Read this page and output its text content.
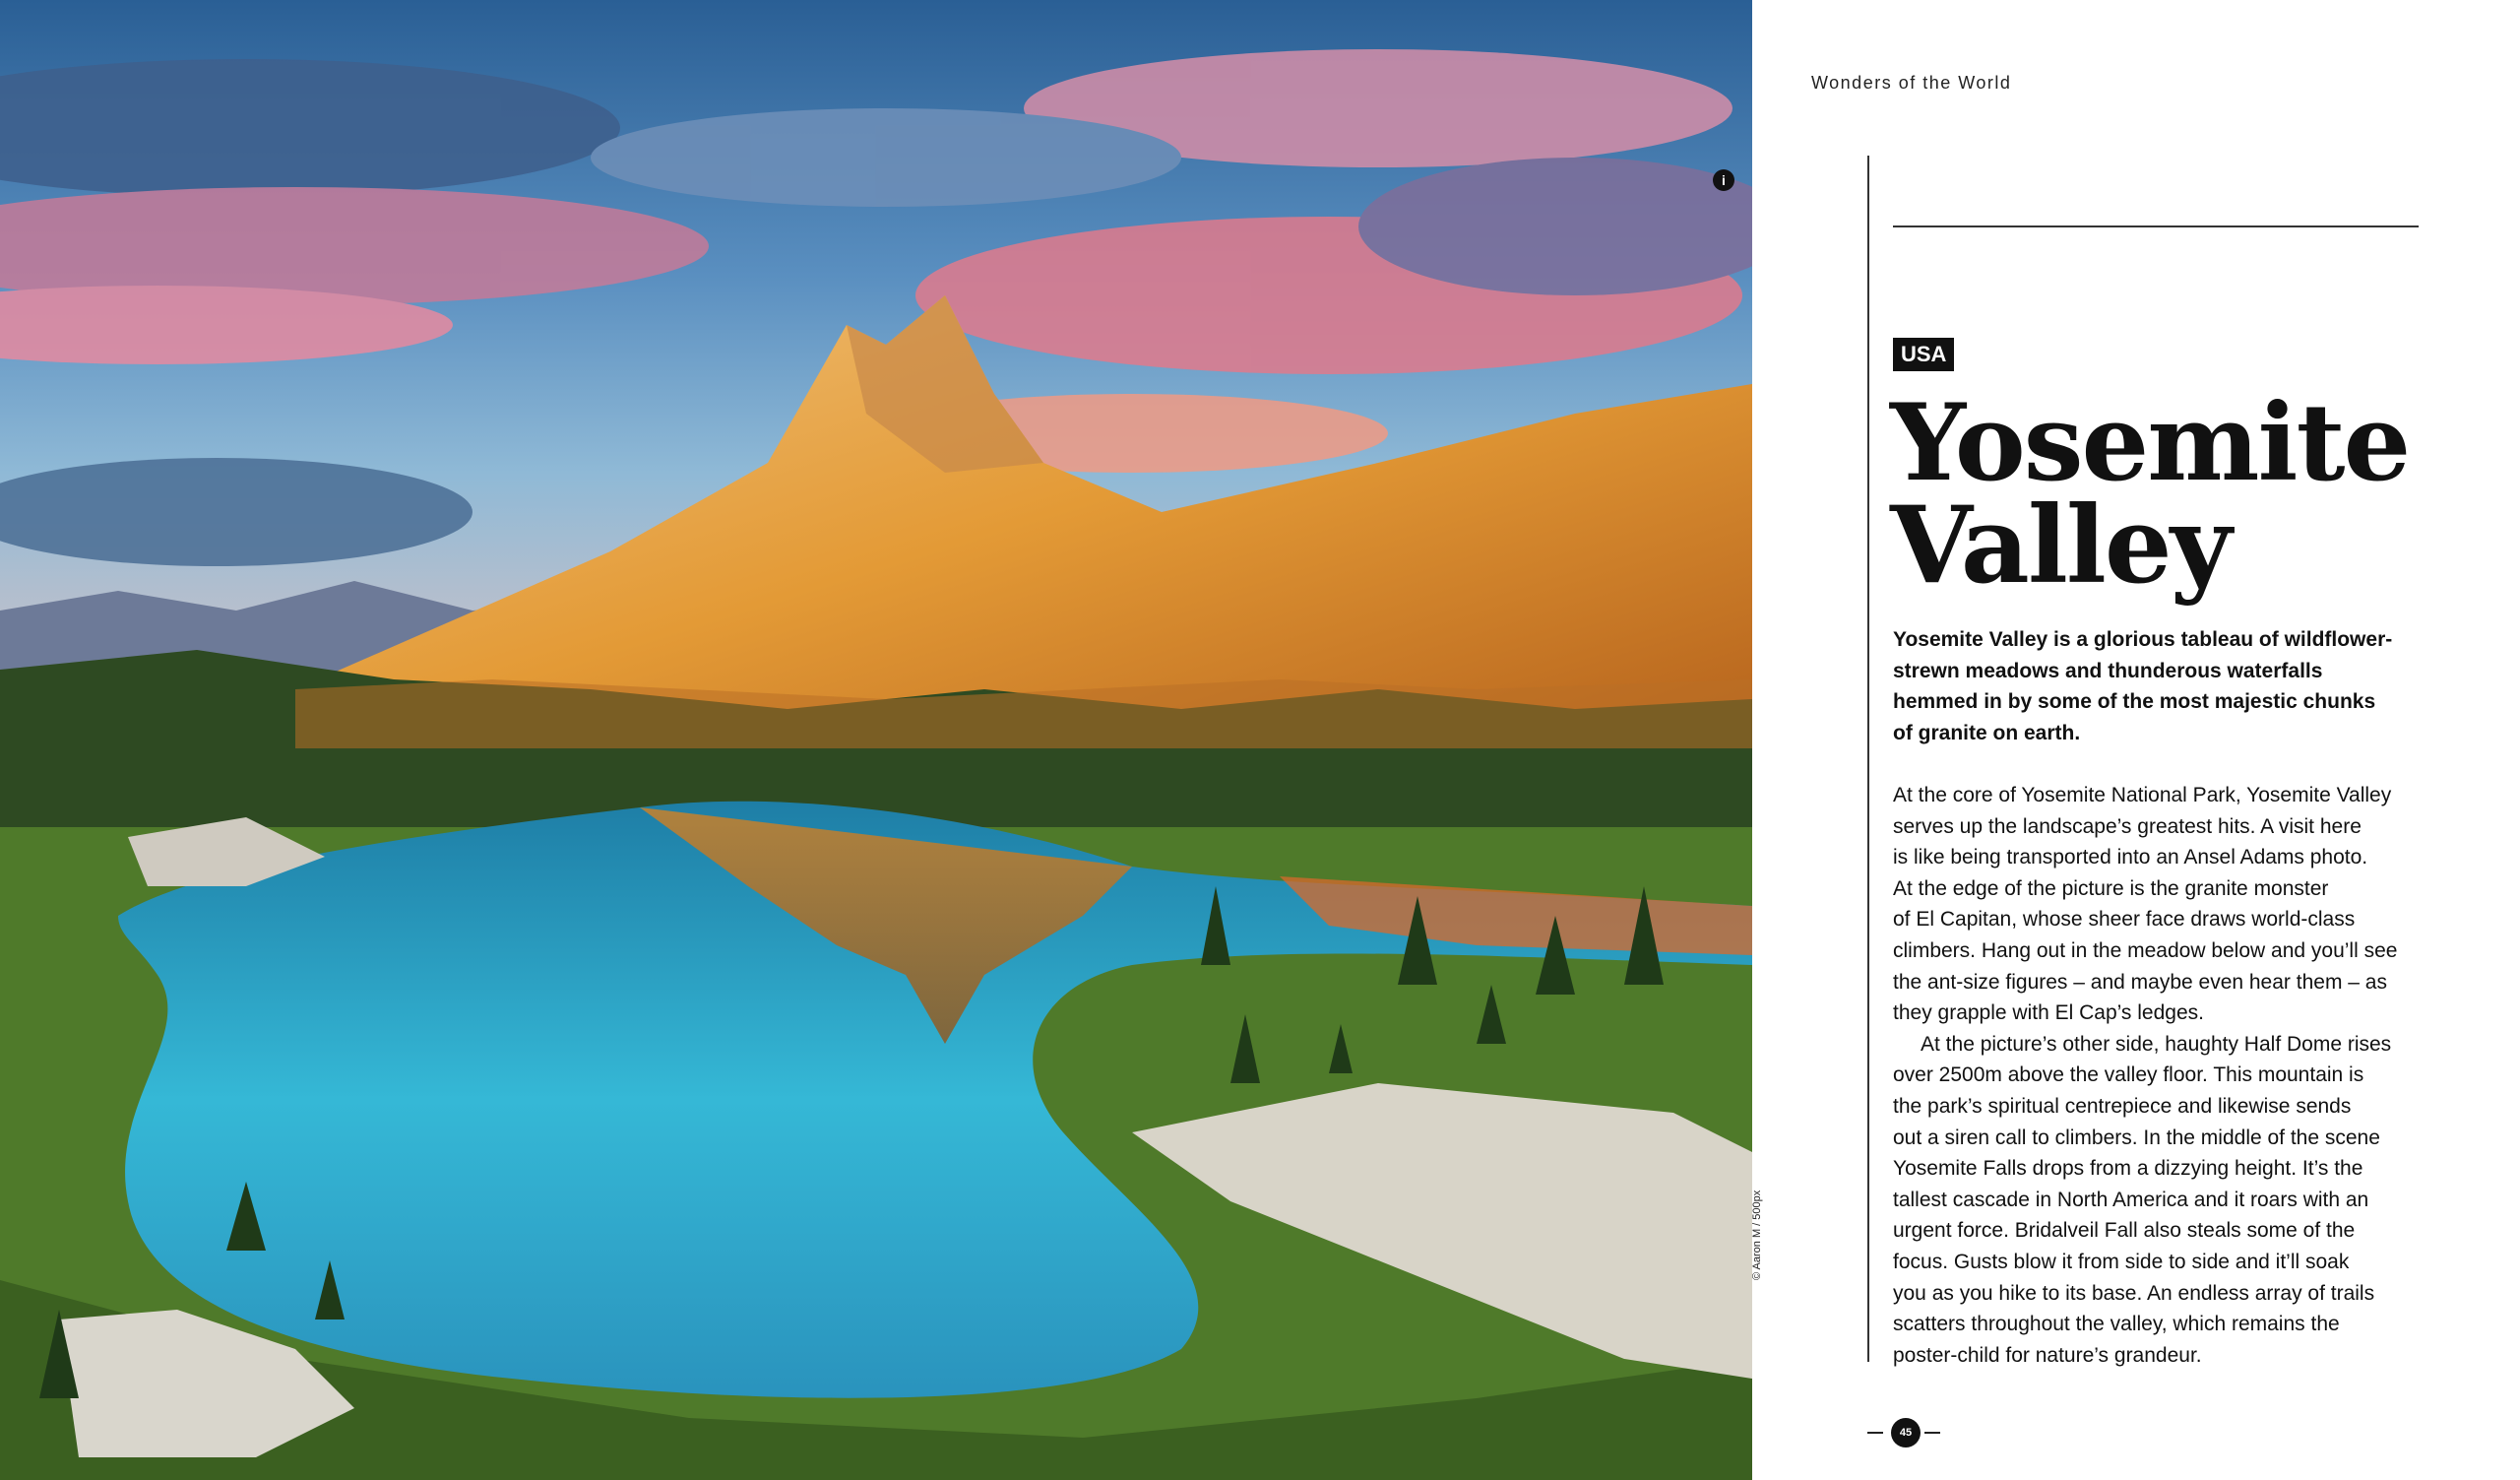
i
© Aaron M / 500px
Wonders of the World
USA
Yosemite
Valley

Yosemite Valley is a glorious tableau of wildflower-
strewn meadows and thunderous waterfalls
hemmed in by some of the most majestic chunks
of granite on earth.

At the core of Yosemite National Park, Yosemite Valley
serves up the landscape’s greatest hits. A visit here
is like being transported into an Ansel Adams photo.
At the edge of the picture is the granite monster
of El Capitan, whose sheer face draws world-class
climbers. Hang out in the meadow below and you’ll see
the ant-size figures – and maybe even hear them – as
they grapple with El Cap’s ledges.
At the picture’s other side, haughty Half Dome rises
over 2500m above the valley floor. This mountain is
the park’s spiritual centrepiece and likewise sends
out a siren call to climbers. In the middle of the scene
Yosemite Falls drops from a dizzying height. It’s the
tallest cascade in North America and it roars with an
urgent force. Bridalveil Fall also steals some of the
focus. Gusts blow it from side to side and it’ll soak
you as you hike to its base. An endless array of trails
scatters throughout the valley, which remains the
poster-child for nature’s grandeur.
45
